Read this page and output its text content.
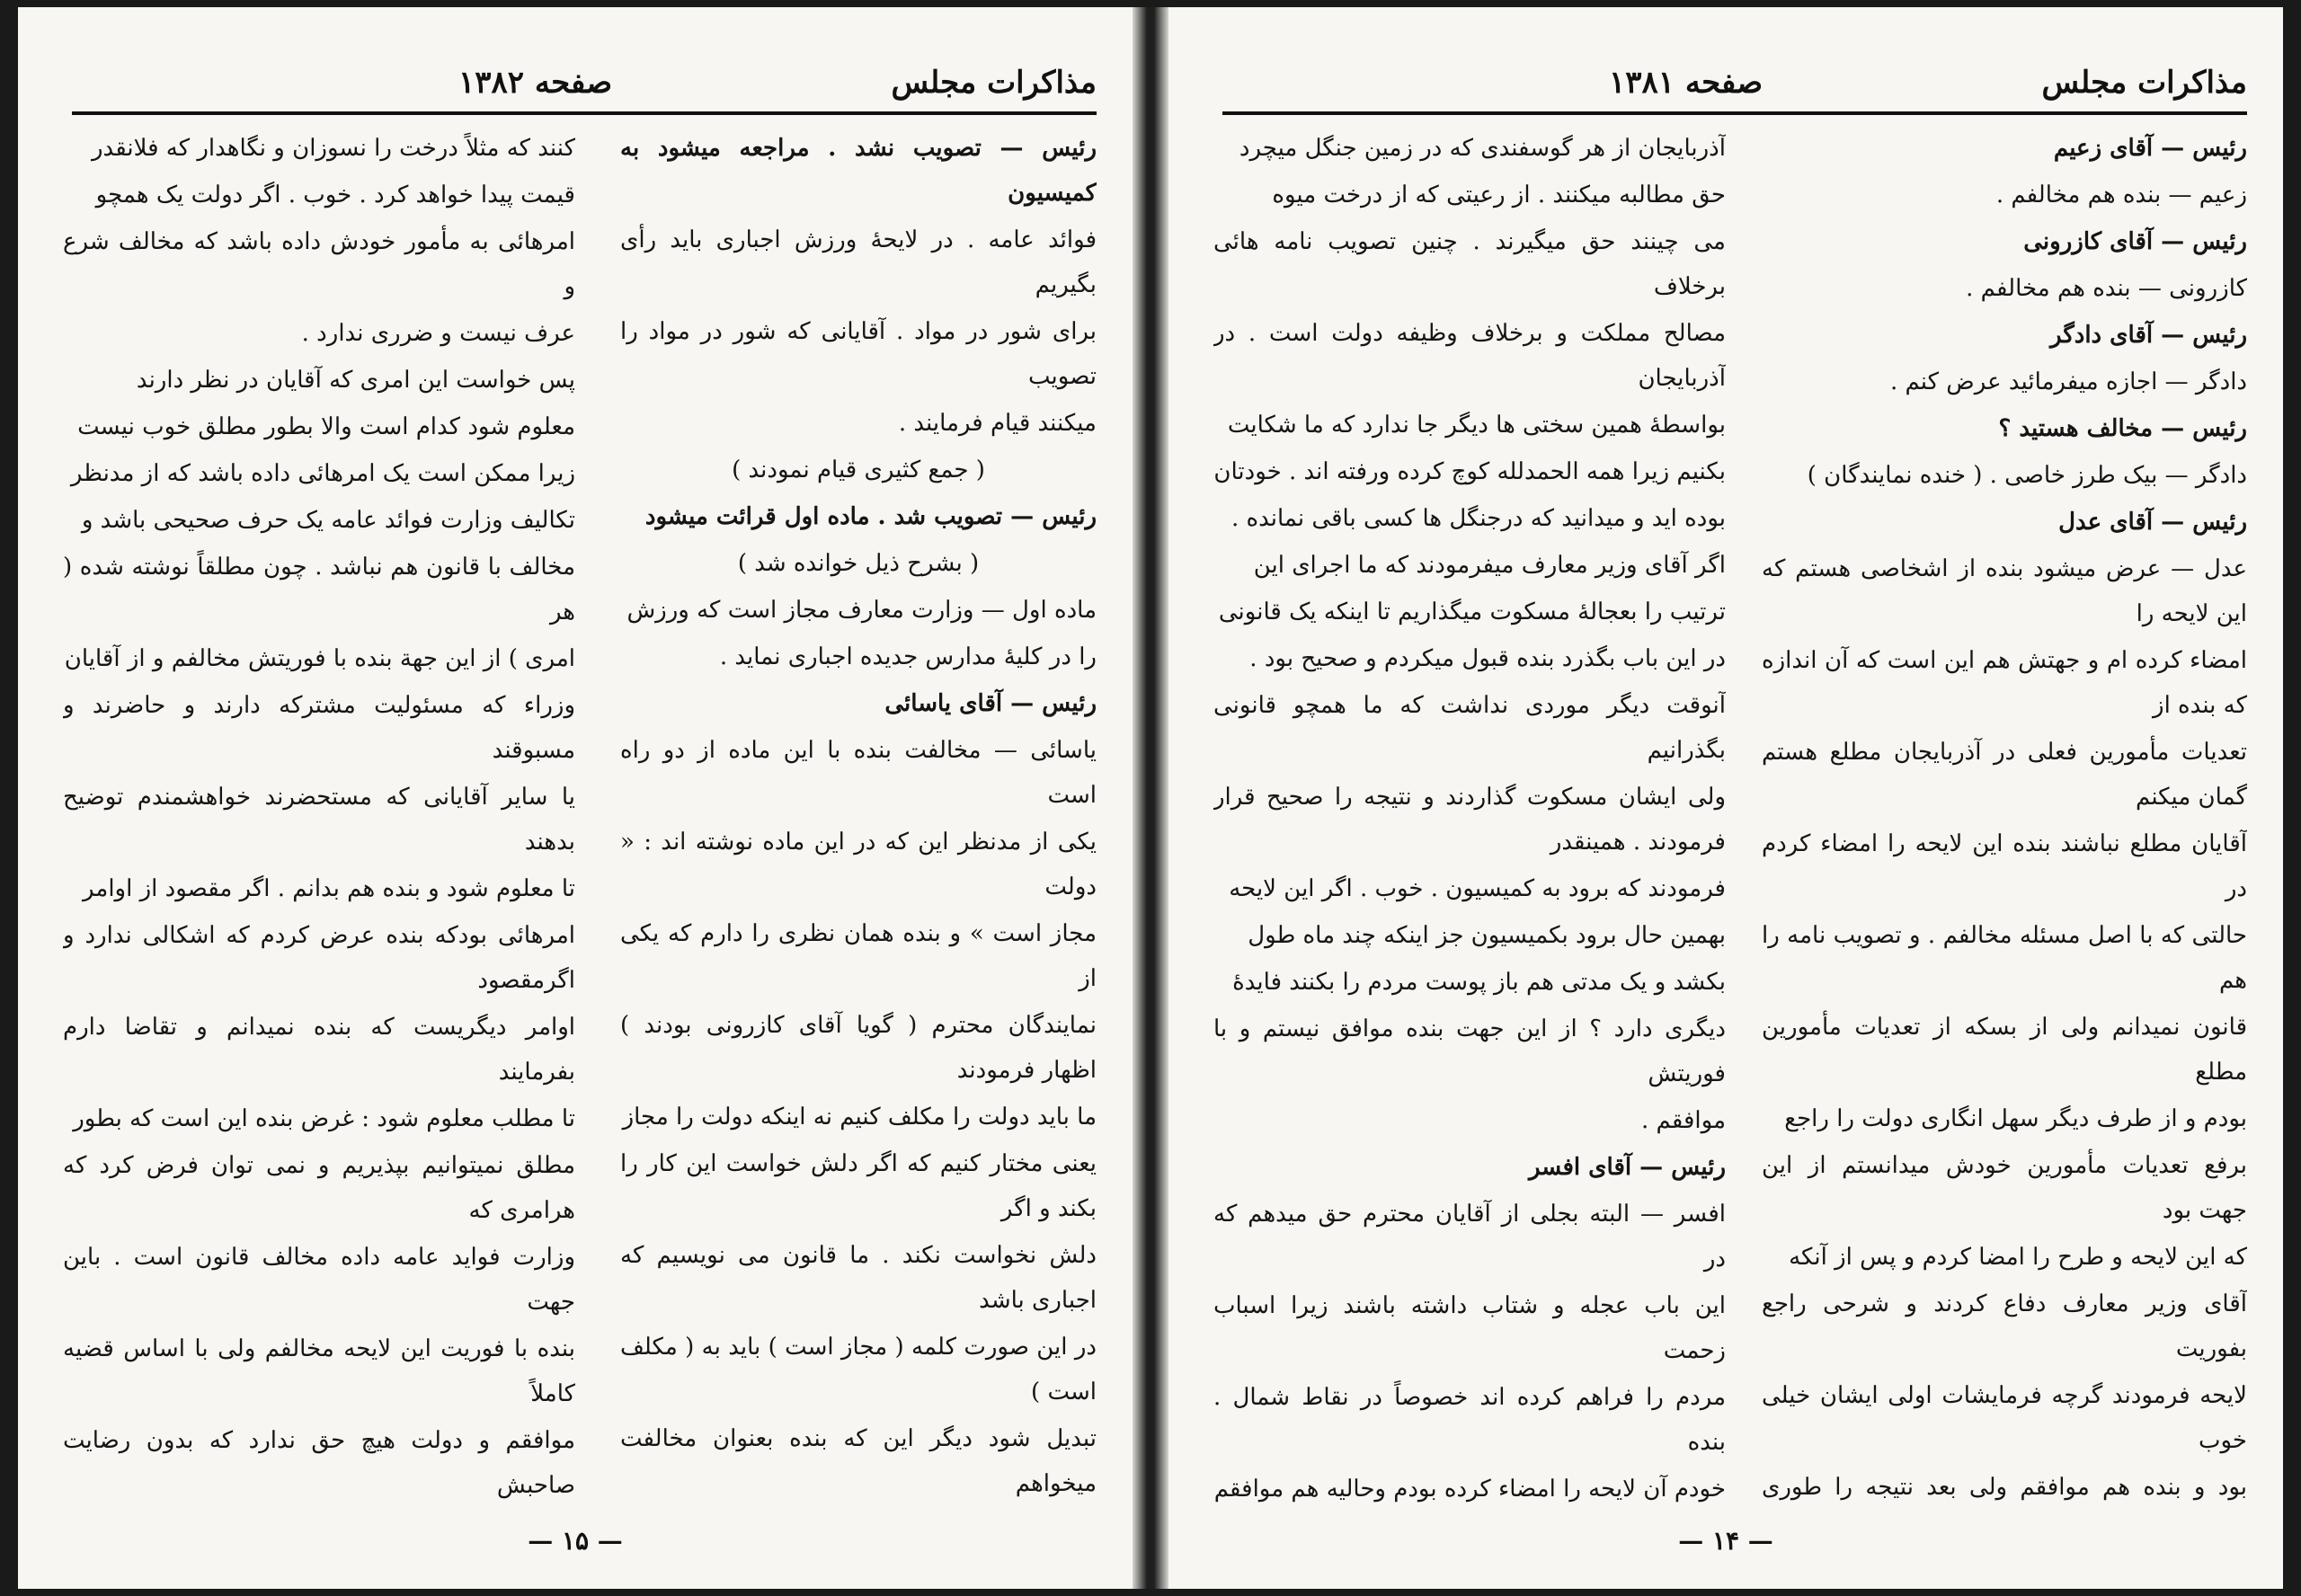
مذاکرات مجلس
صفحه ۱۳۸۲

رئیس — تصویب نشد . مراجعه میشود به کمیسیون

فوائد عامه . در لایحهٔ ورزش اجباری باید رأی بگیریم

برای شور در مواد . آقایانی که شور در مواد را تصویب

میکنند قیام فرمایند .

( جمع کثیری قیام نمودند )

رئیس — تصویب شد . ماده اول قرائت میشود

( بشرح ذیل خوانده شد )

ماده اول — وزارت معارف مجاز است که ورزش

را در کلیهٔ مدارس جدیده اجباری نماید .

رئیس — آقای یاسائی

یاسائی — مخالفت بنده با این ماده از دو راه است

یکی از مدنظر این که در این ماده نوشته اند : « دولت

مجاز است » و بنده همان نظری را دارم که یکی از

نمایندگان محترم ( گویا آقای کازرونی بودند ) اظهار فرمودند

ما باید دولت را مکلف کنیم نه اینکه دولت را مجاز

یعنی مختار کنیم که اگر دلش خواست این کار را بکند و اگر

دلش نخواست نکند . ما قانون می نویسیم که اجباری باشد

در این صورت کلمه ( مجاز است ) باید به ( مکلف است )

تبدیل شود دیگر این که بنده بعنوان مخالفت میخواهم

کنند که مثلاً درخت را نسوزان و نگاهدار که فلانقدر

قیمت پیدا خواهد کرد . خوب . اگر دولت یک همچو

امرهائی به مأمور خودش داده باشد که مخالف شرع و

عرف نیست و ضرری ندارد .

پس خواست این امری که آقایان در نظر دارند

معلوم شود کدام است والا بطور مطلق خوب نیست

زیرا ممکن است یک امرهائی داده باشد که از مدنظر

تکالیف وزارت فوائد عامه یک حرف صحیحی باشد و

مخالف با قانون هم نباشد . چون مطلقاً نوشته شده ( هر

امری ) از این جهة بنده با فوریتش مخالفم و از آقایان

وزراء که مسئولیت مشترکه دارند و حاضرند و مسبوقند

یا سایر آقایانی که مستحضرند خواهشمندم توضیح بدهند

تا معلوم شود و بنده هم بدانم . اگر مقصود از اوامر

امرهائی بودکه بنده عرض کردم که اشکالی ندارد و اگرمقصود

اوامر دیگریست که بنده نمیدانم و تقاضا دارم بفرمایند

تا مطلب معلوم شود : غرض بنده این است که بطور

مطلق نمیتوانیم بپذیریم و نمی توان فرض کرد که هرامری که

وزارت فواید عامه داده مخالف قانون است . باین جهت

بنده با فوریت این لایحه مخالفم ولی با اساس قضیه کاملاً

موافقم و دولت هیچ حق ندارد که بدون رضایت صاحبش

— ۱۵ —
مذاکرات مجلس
صفحه ۱۳۸۱

رئیس — آقای زعیم

زعیم — بنده هم مخالفم .

رئیس — آقای کازرونی

کازرونی — بنده هم مخالفم .

رئیس — آقای دادگر

دادگر — اجازه میفرمائید عرض کنم .

رئیس — مخالف هستید ؟

دادگر — بیک طرز خاصی . ( خنده نمایندگان )

رئیس — آقای عدل

عدل — عرض میشود بنده از اشخاصی هستم که این لایحه را

امضاء کرده ام و جهتش هم این است که آن اندازه که بنده از

تعدیات مأمورین فعلی در آذربایجان مطلع هستم گمان میکنم

آقایان مطلع نباشند بنده این لایحه را امضاء کردم در

حالتی که با اصل مسئله مخالفم . و تصویب نامه را هم

قانون نمیدانم ولی از بسکه از تعدیات مأمورین مطلع

بودم و از طرف دیگر سهل انگاری دولت را راجع

برفع تعدیات مأمورین خودش میدانستم از این جهت بود

که این لایحه و طرح را امضا کردم و پس از آنکه

آقای وزیر معارف دفاع کردند و شرحی راجع بفوریت

لایحه فرمودند گرچه فرمایشات اولی ایشان خیلی خوب

بود و بنده هم موافقم ولی بعد نتیجه را طوری

آذربایجان از هر گوسفندی که در زمین جنگل میچرد

حق مطالبه میکنند . از رعیتی که از درخت میوه

می چینند حق میگیرند . چنین تصویب نامه هائی برخلاف

مصالح مملکت و برخلاف وظیفه دولت است . در آذربایجان

بواسطهٔ همین سختی ها دیگر جا ندارد که ما شکایت

بکنیم زیرا همه الحمدلله کوچ کرده ورفته اند . خودتان

بوده اید و میدانید که درجنگل ها کسی باقی نمانده .

اگر آقای وزیر معارف میفرمودند که ما اجرای این

ترتیب را بعجالهٔ مسکوت میگذاریم تا اینکه یک قانونی

در این باب بگذرد بنده قبول میکردم و صحیح بود .

آنوقت دیگر موردی نداشت که ما همچو قانونی بگذرانیم

ولی ایشان مسکوت گذاردند و نتیجه را صحیح قرار فرمودند . همینقدر

فرمودند که برود به کمیسیون . خوب . اگر این لایحه

بهمین حال برود بکمیسیون جز اینکه چند ماه طول

بکشد و یک مدتی هم باز پوست مردم را بکنند فایدهٔ

دیگری دارد ؟ از این جهت بنده موافق نیستم و با فوریتش

موافقم .

رئیس — آقای افسر

افسر — البته بجلی از آقایان محترم حق میدهم که در

این باب عجله و شتاب داشته باشند زیرا اسباب زحمت

مردم را فراهم کرده اند خصوصاً در نقاط شمال . بنده

خودم آن لایحه را امضاء کرده بودم وحالیه هم موافقم

— ۱۴ —
